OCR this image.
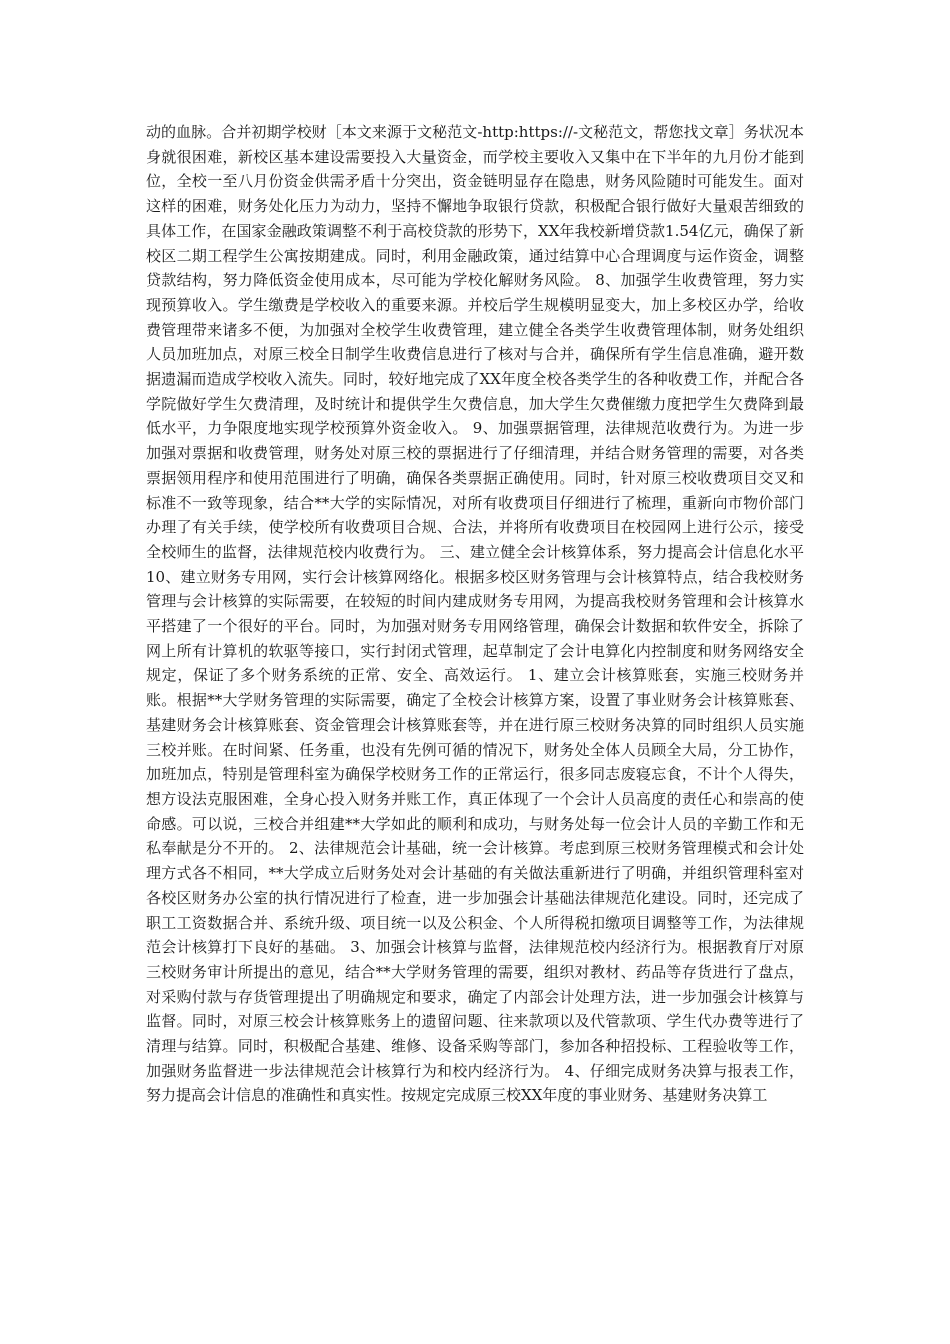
动的血脉。合并初期学校财［本文来源于文秘范文-http:https://-文秘范文，帮您找文章］务状况本身就很困难，新校区基本建设需要投入大量资金，而学校主要收入又集中在下半年的九月份才能到位，全校一至八月份资金供需矛盾十分突出，资金链明显存在隐患，财务风险随时可能发生。面对这样的困难，财务处化压力为动力，坚持不懈地争取银行贷款，积极配合银行做好大量艰苦细致的具体工作，在国家金融政策调整不利于高校贷款的形势下，XX年我校新增贷款1.54亿元，确保了新校区二期工程学生公寓按期建成。同时，利用金融政策，通过结算中心合理调度与运作资金，调整贷款结构，努力降低资金使用成本，尽可能为学校化解财务风险。 8、加强学生收费管理，努力实现预算收入。学生缴费是学校收入的重要来源。并校后学生规模明显变大，加上多校区办学，给收费管理带来诸多不便，为加强对全校学生收费管理，建立健全各类学生收费管理体制，财务处组织人员加班加点，对原三校全日制学生收费信息进行了核对与合并，确保所有学生信息准确，避开数据遗漏而造成学校收入流失。同时，较好地完成了XX年度全校各类学生的各种收费工作，并配合各学院做好学生欠费清理，及时统计和提供学生欠费信息，加大学生欠费催缴力度把学生欠费降到最低水平，力争限度地实现学校预算外资金收入。 9、加强票据管理，法律规范收费行为。为进一步加强对票据和收费管理，财务处对原三校的票据进行了仔细清理，并结合财务管理的需要，对各类票据领用程序和使用范围进行了明确，确保各类票据正确使用。同时，针对原三校收费项目交叉和标准不一致等现象，结合**大学的实际情况，对所有收费项目仔细进行了梳理，重新向市物价部门办理了有关手续，使学校所有收费项目合规、合法，并将所有收费项目在校园网上进行公示，接受全校师生的监督，法律规范校内收费行为。 三、建立健全会计核算体系，努力提高会计信息化水平 10、建立财务专用网，实行会计核算网络化。根据多校区财务管理与会计核算特点，结合我校财务管理与会计核算的实际需要，在较短的时间内建成财务专用网，为提高我校财务管理和会计核算水平搭建了一个很好的平台。同时，为加强对财务专用网络管理，确保会计数据和软件安全，拆除了网上所有计算机的软驱等接口，实行封闭式管理，起草制定了会计电算化内控制度和财务网络安全规定，保证了多个财务系统的正常、安全、高效运行。 1、建立会计核算账套，实施三校财务并账。根据**大学财务管理的实际需要，确定了全校会计核算方案，设置了事业财务会计核算账套、基建财务会计核算账套、资金管理会计核算账套等，并在进行原三校财务决算的同时组织人员实施三校并账。在时间紧、任务重，也没有先例可循的情况下，财务处全体人员顾全大局，分工协作，加班加点，特别是管理科室为确保学校财务工作的正常运行，很多同志废寝忘食，不计个人得失，想方设法克服困难，全身心投入财务并账工作，真正体现了一个会计人员高度的责任心和崇高的使命感。可以说，三校合并组建**大学如此的顺利和成功，与财务处每一位会计人员的辛勤工作和无私奉献是分不开的。 2、法律规范会计基础，统一会计核算。考虑到原三校财务管理模式和会计处理方式各不相同，**大学成立后财务处对会计基础的有关做法重新进行了明确，并组织管理科室对各校区财务办公室的执行情况进行了检查，进一步加强会计基础法律规范化建设。同时，还完成了职工工资数据合并、系统升级、项目统一以及公积金、个人所得税扣缴项目调整等工作，为法律规范会计核算打下良好的基础。 3、加强会计核算与监督，法律规范校内经济行为。根据教育厅对原三校财务审计所提出的意见，结合**大学财务管理的需要，组织对教材、药品等存货进行了盘点，对采购付款与存货管理提出了明确规定和要求，确定了内部会计处理方法，进一步加强会计核算与监督。同时，对原三校会计核算账务上的遗留问题、往来款项以及代管款项、学生代办费等进行了清理与结算。同时，积极配合基建、维修、设备采购等部门，参加各种招投标、工程验收等工作，加强财务监督进一步法律规范会计核算行为和校内经济行为。 4、仔细完成财务决算与报表工作，努力提高会计信息的准确性和真实性。按规定完成原三校XX年度的事业财务、基建财务决算工
